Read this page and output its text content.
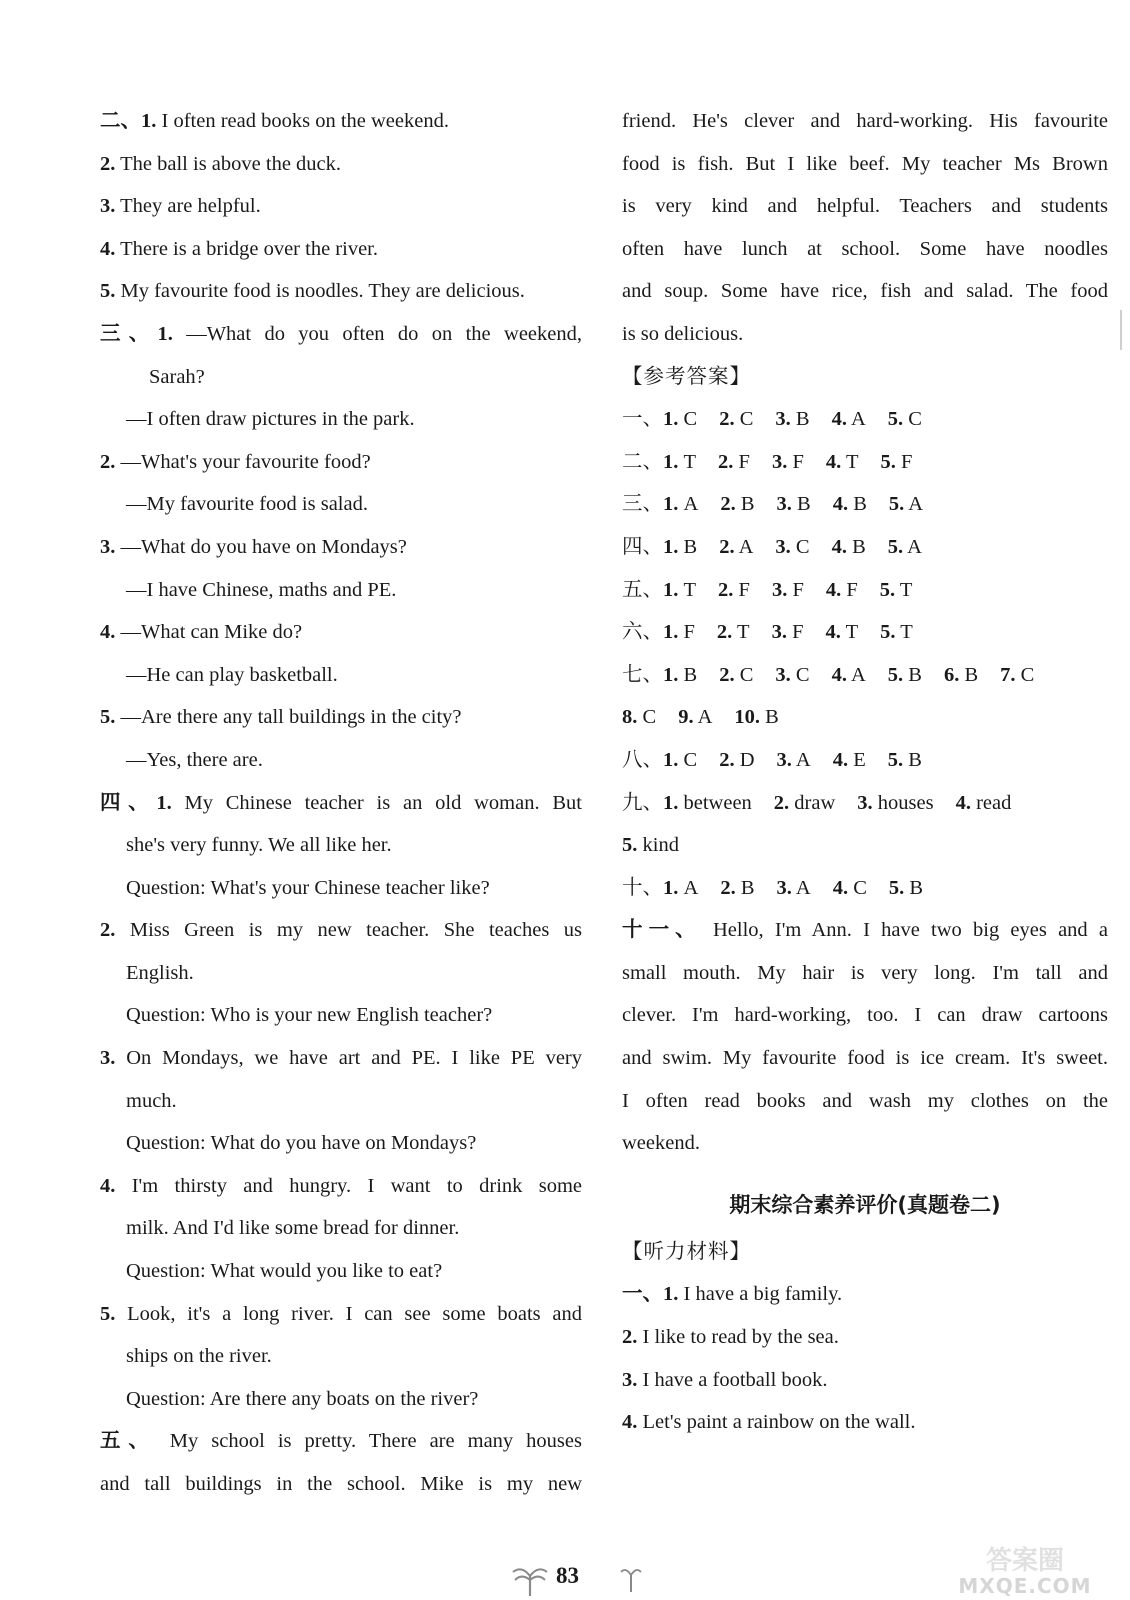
二、1. I often read books on the weekend.
2. The ball is above the duck.
3. They are helpful.
4. There is a bridge over the river.
5. My favourite food is noodles. They are delicious.
三、1. —What do you often do on the weekend,
Sarah?
—I often draw pictures in the park.
2. —What's your favourite food?
—My favourite food is salad.
3. —What do you have on Mondays?
—I have Chinese, maths and PE.
4. —What can Mike do?
—He can play basketball.
5. —Are there any tall buildings in the city?
—Yes, there are.
四、1. My Chinese teacher is an old woman. But
she's very funny. We all like her.
Question: What's your Chinese teacher like?
2. Miss Green is my new teacher. She teaches us
English.
Question: Who is your new English teacher?
3. On Mondays, we have art and PE. I like PE very
much.
Question: What do you have on Mondays?
4. I'm thirsty and hungry. I want to drink some
milk. And I'd like some bread for dinner.
Question: What would you like to eat?
5. Look, it's a long river. I can see some boats and
ships on the river.
Question: Are there any boats on the river?
五、 My school is pretty. There are many houses
and tall buildings in the school. Mike is my new
friend. He's clever and hard-working. His favourite
food is fish. But I like beef. My teacher Ms Brown
is very kind and helpful. Teachers and students
often have lunch at school. Some have noodles
and soup. Some have rice, fish and salad. The food
is so delicious.
【参考答案】
一、1. C 2. C 3. B 4. A 5. C
二、1. T 2. F 3. F 4. T 5. F
三、1. A 2. B 3. B 4. B 5. A
四、1. B 2. A 3. C 4. B 5. A
五、1. T 2. F 3. F 4. F 5. T
六、1. F 2. T 3. F 4. T 5. T
七、1. B 2. C 3. C 4. A 5. B 6. B 7. C
8. C 9. A 10. B
八、1. C 2. D 3. A 4. E 5. B
九、1. between 2. draw 3. houses 4. read
5. kind
十、1. A 2. B 3. A 4. C 5. B
十一、 Hello, I'm Ann. I have two big eyes and a
small mouth. My hair is very long. I'm tall and
clever. I'm hard-working, too. I can draw cartoons
and swim. My favourite food is ice cream. It's sweet.
I often read books and wash my clothes on the
weekend.
期末综合素养评价(真题卷二)
【听力材料】
一、1. I have a big family.
2. I like to read by the sea.
3. I have a football book.
4. Let's paint a rainbow on the wall.
83	答案圈
MXQE.COM
